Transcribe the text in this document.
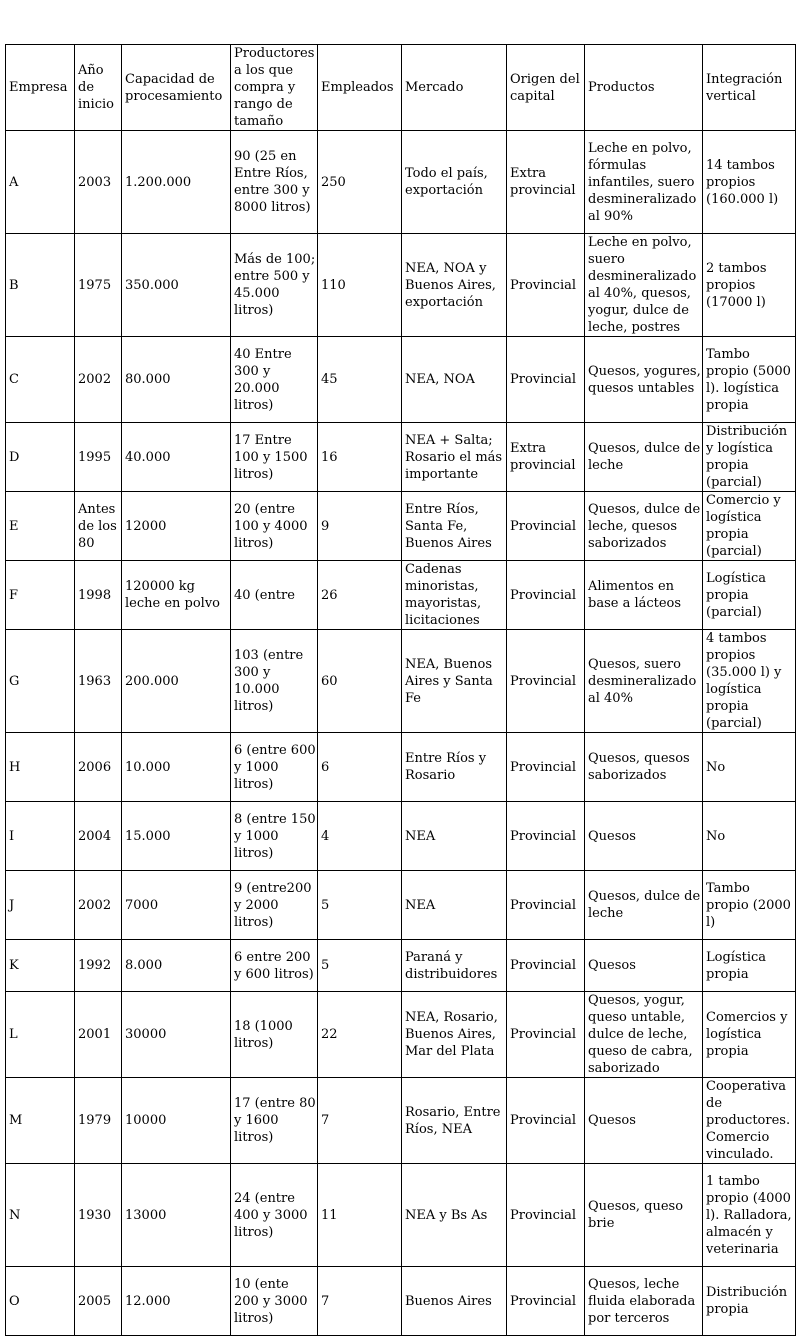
Empresa	Año de inicio	Capacidad de procesamiento	Productores a los que compra y rango de tamaño	Empleados	Mercado	Origen del capital	Productos	Integración vertical
A	2003	1.200.000	90 (25 en Entre Ríos, entre 300 y 8000 litros)	250	Todo el país, exportación	Extra provincial	Leche en polvo, fórmulas infantiles, suero desmineralizado al 90%	14 tambos propios (160.000 l)
B	1975	350.000	Más de 100; entre 500 y 45.000 litros)	110	NEA, NOA y Buenos Aires, exportación	Provincial	Leche en polvo, suero desmineralizado al 40%, quesos, yogur, dulce de leche, postres	2 tambos propios (17000 l)
C	2002	80.000	40 Entre 300 y 20.000 litros)	45	NEA, NOA	Provincial	Quesos, yogures, quesos untables	Tambo propio (5000 l). logística propia
D	1995	40.000	17 Entre 100 y 1500 litros)	16	NEA + Salta; Rosario el más importante	Extra provincial	Quesos, dulce de leche	Distribución y logística propia (parcial)
E	Antes de los 80	12000	20 (entre 100 y 4000 litros)	9	Entre Ríos, Santa Fe, Buenos Aires	Provincial	Quesos, dulce de leche, quesos saborizados	Comercio y logística propia (parcial)
F	1998	120000 kg leche en polvo	40 (entre	26	Cadenas minoristas, mayoristas, licitaciones	Provincial	Alimentos en base a lácteos	Logística propia (parcial)
G	1963	200.000	103 (entre 300 y 10.000 litros)	60	NEA, Buenos Aires y Santa Fe	Provincial	Quesos, suero desmineralizado al 40%	4 tambos propios (35.000 l) y logística propia (parcial)
H	2006	10.000	6 (entre 600 y 1000 litros)	6	Entre Ríos y Rosario	Provincial	Quesos, quesos saborizados	No
I	2004	15.000	8 (entre 150 y 1000 litros)	4	NEA	Provincial	Quesos	No
J	2002	7000	9 (entre200 y 2000 litros)	5	NEA	Provincial	Quesos, dulce de leche	Tambo propio (2000 l)
K	1992	8.000	6 entre 200 y 600 litros)	5	Paraná y distribuidores	Provincial	Quesos	Logística propia
L	2001	30000	18 (1000 litros)	22	NEA, Rosario, Buenos Aires, Mar del Plata	Provincial	Quesos, yogur, queso untable, dulce de leche, queso de cabra, saborizado	Comercios y logística propia
M	1979	10000	17 (entre 80 y 1600 litros)	7	Rosario, Entre Ríos, NEA	Provincial	Quesos	Cooperativa de productores. Comercio vinculado.
N	1930	13000	24 (entre 400 y 3000 litros)	11	NEA y Bs As	Provincial	Quesos, queso brie	1 tambo propio (4000 l). Ralladora, almacén y veterinaria
O	2005	12.000	10 (ente 200 y 3000 litros)	7	Buenos Aires	Provincial	Quesos, leche fluida elaborada por terceros	Distribución propia
